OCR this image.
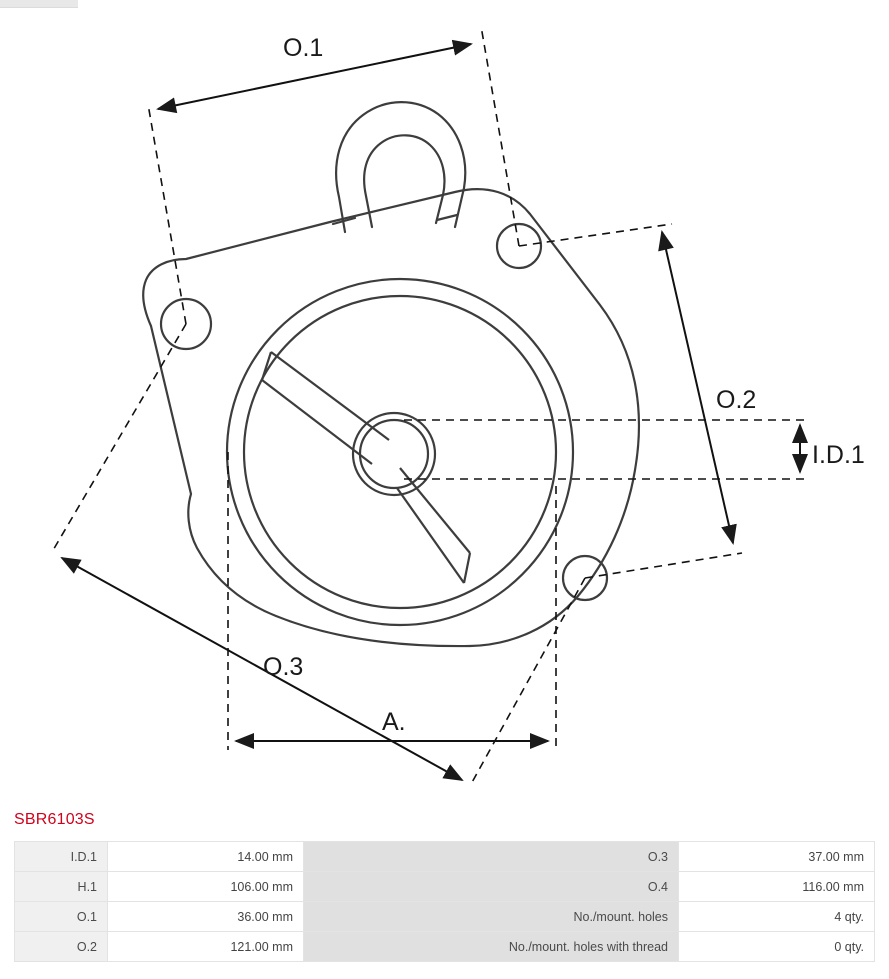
O.1
O.2
O.3
I.D.1
A.
SBR6103S
I.D.1	14.00 mm	O.3	37.00 mm
H.1	106.00 mm	O.4	116.00 mm
O.1	36.00 mm	No./mount. holes	4 qty.
O.2	121.00 mm	No./mount. holes with thread	0 qty.
